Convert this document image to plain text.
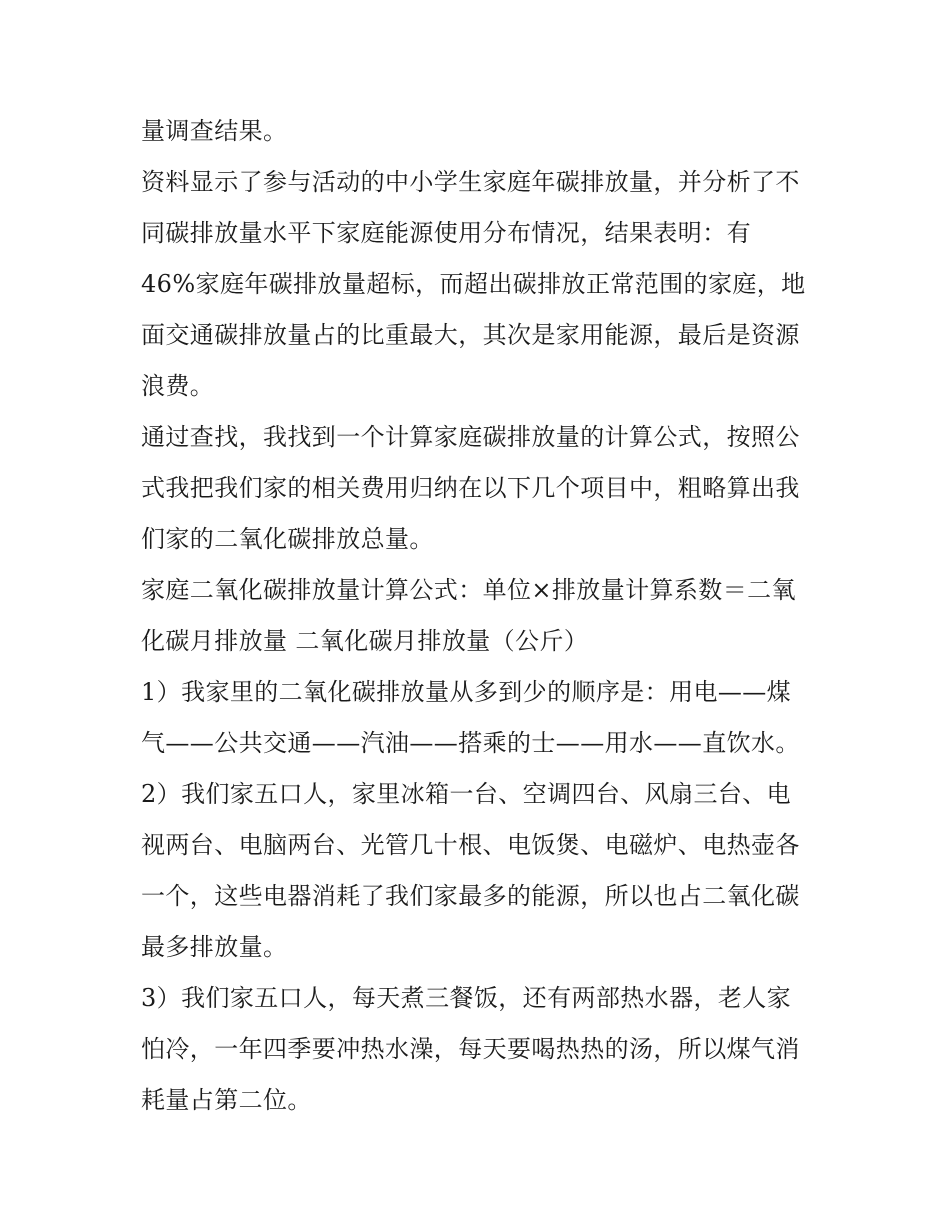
量调查结果。
资料显示了参与活动的中小学生家庭年碳排放量，并分析了不
同碳排放量水平下家庭能源使用分布情况，结果表明：有
46%家庭年碳排放量超标，而超出碳排放正常范围的家庭，地
面交通碳排放量占的比重最大，其次是家用能源，最后是资源
浪费。
通过查找，我找到一个计算家庭碳排放量的计算公式，按照公
式我把我们家的相关费用归纳在以下几个项目中，粗略算出我
们家的二氧化碳排放总量。
家庭二氧化碳排放量计算公式：单位×排放量计算系数＝二氧
化碳月排放量 二氧化碳月排放量（公斤）
1）我家里的二氧化碳排放量从多到少的顺序是：用电——煤
气——公共交通——汽油——搭乘的士——用水——直饮水。
2）我们家五口人，家里冰箱一台、空调四台、风扇三台、电
视两台、电脑两台、光管几十根、电饭煲、电磁炉、电热壶各
一个，这些电器消耗了我们家最多的能源，所以也占二氧化碳
最多排放量。
3）我们家五口人，每天煮三餐饭，还有两部热水器，老人家
怕冷，一年四季要冲热水澡，每天要喝热热的汤，所以煤气消
耗量占第二位。
